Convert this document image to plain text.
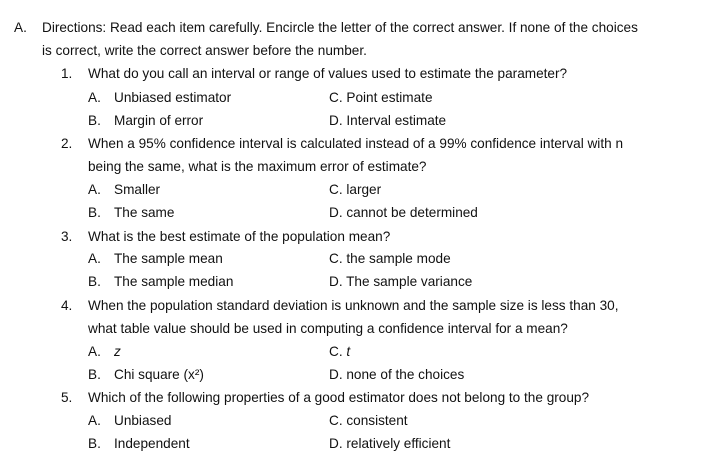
A. Directions: Read each item carefully. Encircle the letter of the correct answer. If none of the choices
is correct, write the correct answer before the number.
1. What do you call an interval or range of values used to estimate the parameter?
A. Unbiased estimator	C. Point estimate
B. Margin of error	D. Interval estimate
2. When a 95% confidence interval is calculated instead of a 99% confidence interval with n
being the same, what is the maximum error of estimate?
A. Smaller	C. larger
B. The same	D. cannot be determined
3. What is the best estimate of the population mean?
A. The sample mean	C. the sample mode
B. The sample median	D. The sample variance
4. When the population standard deviation is unknown and the sample size is less than 30,
what table value should be used in computing a confidence interval for a mean?
A. z	C. t
B. Chi square (x²)	D. none of the choices
5. Which of the following properties of a good estimator does not belong to the group?
A. Unbiased	C. consistent
B. Independent	D. relatively efficient
